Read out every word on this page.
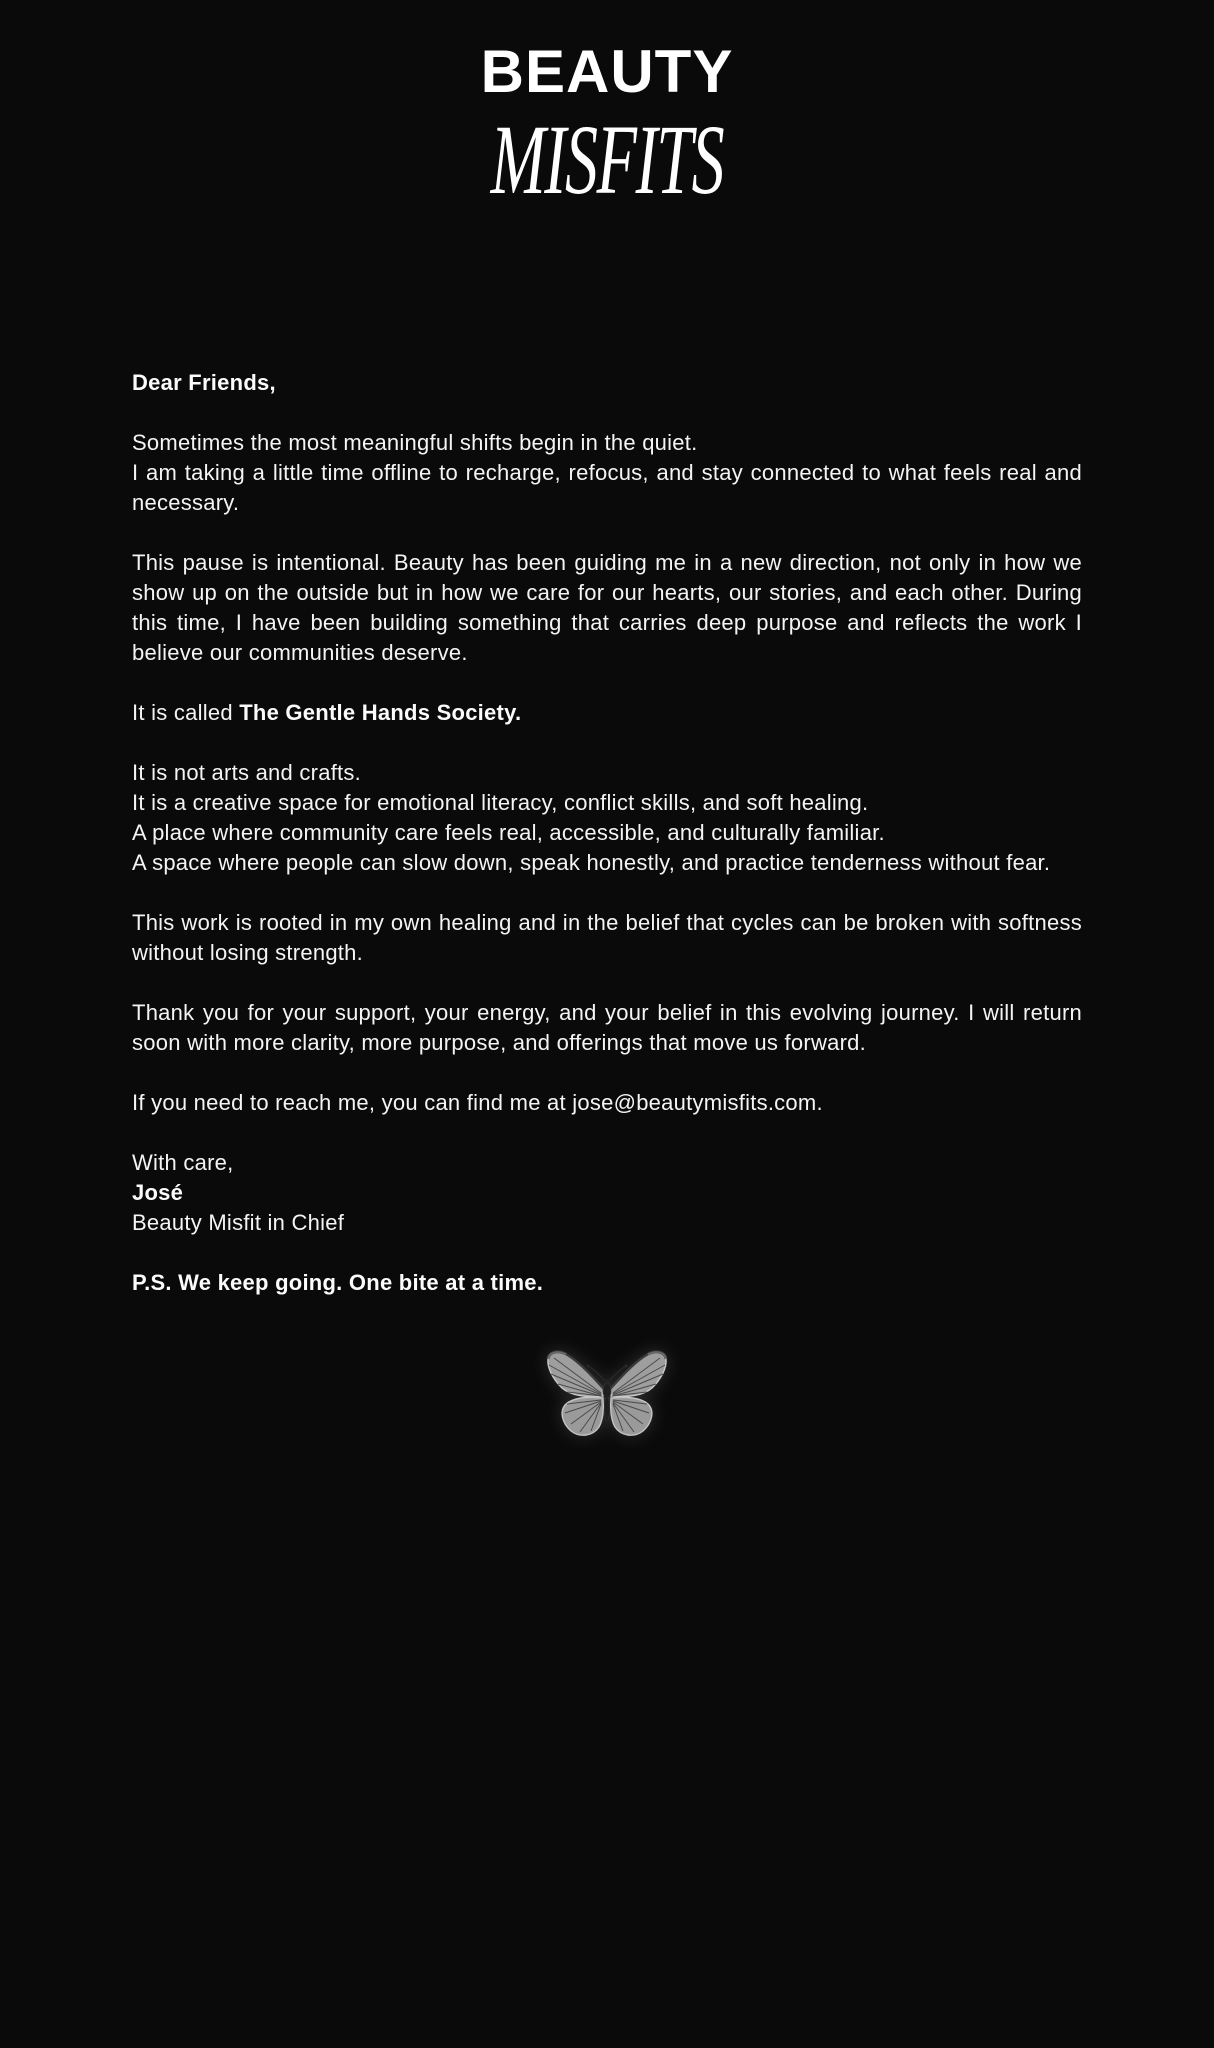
BEAUTY
MISFITS

Dear Friends,

Sometimes the most meaningful shifts begin in the quiet.
I am taking a little time offline to recharge, refocus, and stay connected to what feels real and necessary.

This pause is intentional. Beauty has been guiding me in a new direction, not only in how we show up on the outside but in how we care for our hearts, our stories, and each other. During this time, I have been building something that carries deep purpose and reflects the work I believe our communities deserve.

It is called The Gentle Hands Society.

It is not arts and crafts.
It is a creative space for emotional literacy, conflict skills, and soft healing.
A place where community care feels real, accessible, and culturally familiar.
A space where people can slow down, speak honestly, and practice tenderness without fear.

This work is rooted in my own healing and in the belief that cycles can be broken with softness without losing strength.

Thank you for your support, your energy, and your belief in this evolving journey. I will return soon with more clarity, more purpose, and offerings that move us forward.

If you need to reach me, you can find me at jose@beautymisfits.com.

With care,
José
Beauty Misfit in Chief

P.S. We keep going. One bite at a time.
